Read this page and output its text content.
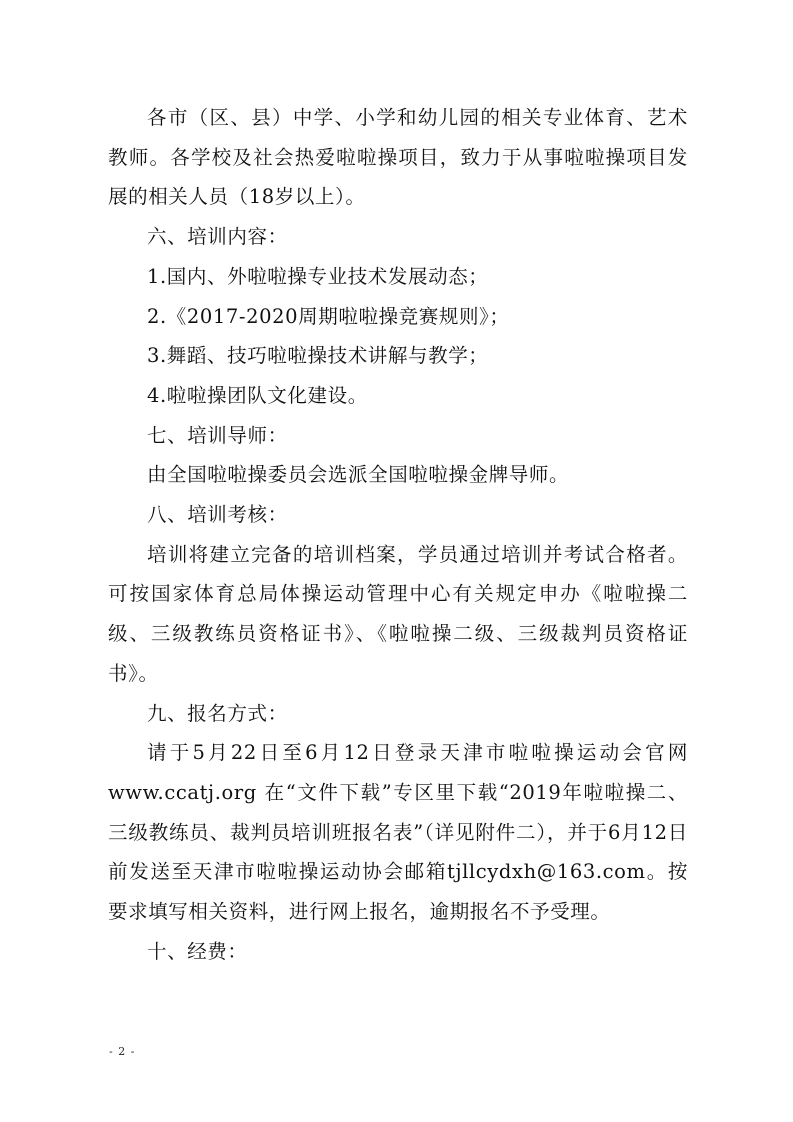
各市（区、县）中学、小学和幼儿园的相关专业体育、艺术教师。各学校及社会热爱啦啦操项目，致力于从事啦啦操项目发展的相关人员（18岁以上）。

六、培训内容：

1.国内、外啦啦操专业技术发展动态；

2.《2017-2020周期啦啦操竞赛规则》；

3.舞蹈、技巧啦啦操技术讲解与教学；

4.啦啦操团队文化建设。

七、培训导师：

由全国啦啦操委员会选派全国啦啦操金牌导师。

八、培训考核：

培训将建立完备的培训档案，学员通过培训并考试合格者。可按国家体育总局体操运动管理中心有关规定申办《啦啦操二级、三级教练员资格证书》、《啦啦操二级、三级裁判员资格证书》。

九、报名方式：

请于5月22日至6月12日登录天津市啦啦操运动会官网www.ccatj.org 在“文件下载”专区里下载“2019年啦啦操二、三级教练员、裁判员培训班报名表”（详见附件二），并于6月12日前发送至天津市啦啦操运动协会邮箱tjllcydxh@163.com。按要求填写相关资料，进行网上报名，逾期报名不予受理。

十、经费：

- 2 -
